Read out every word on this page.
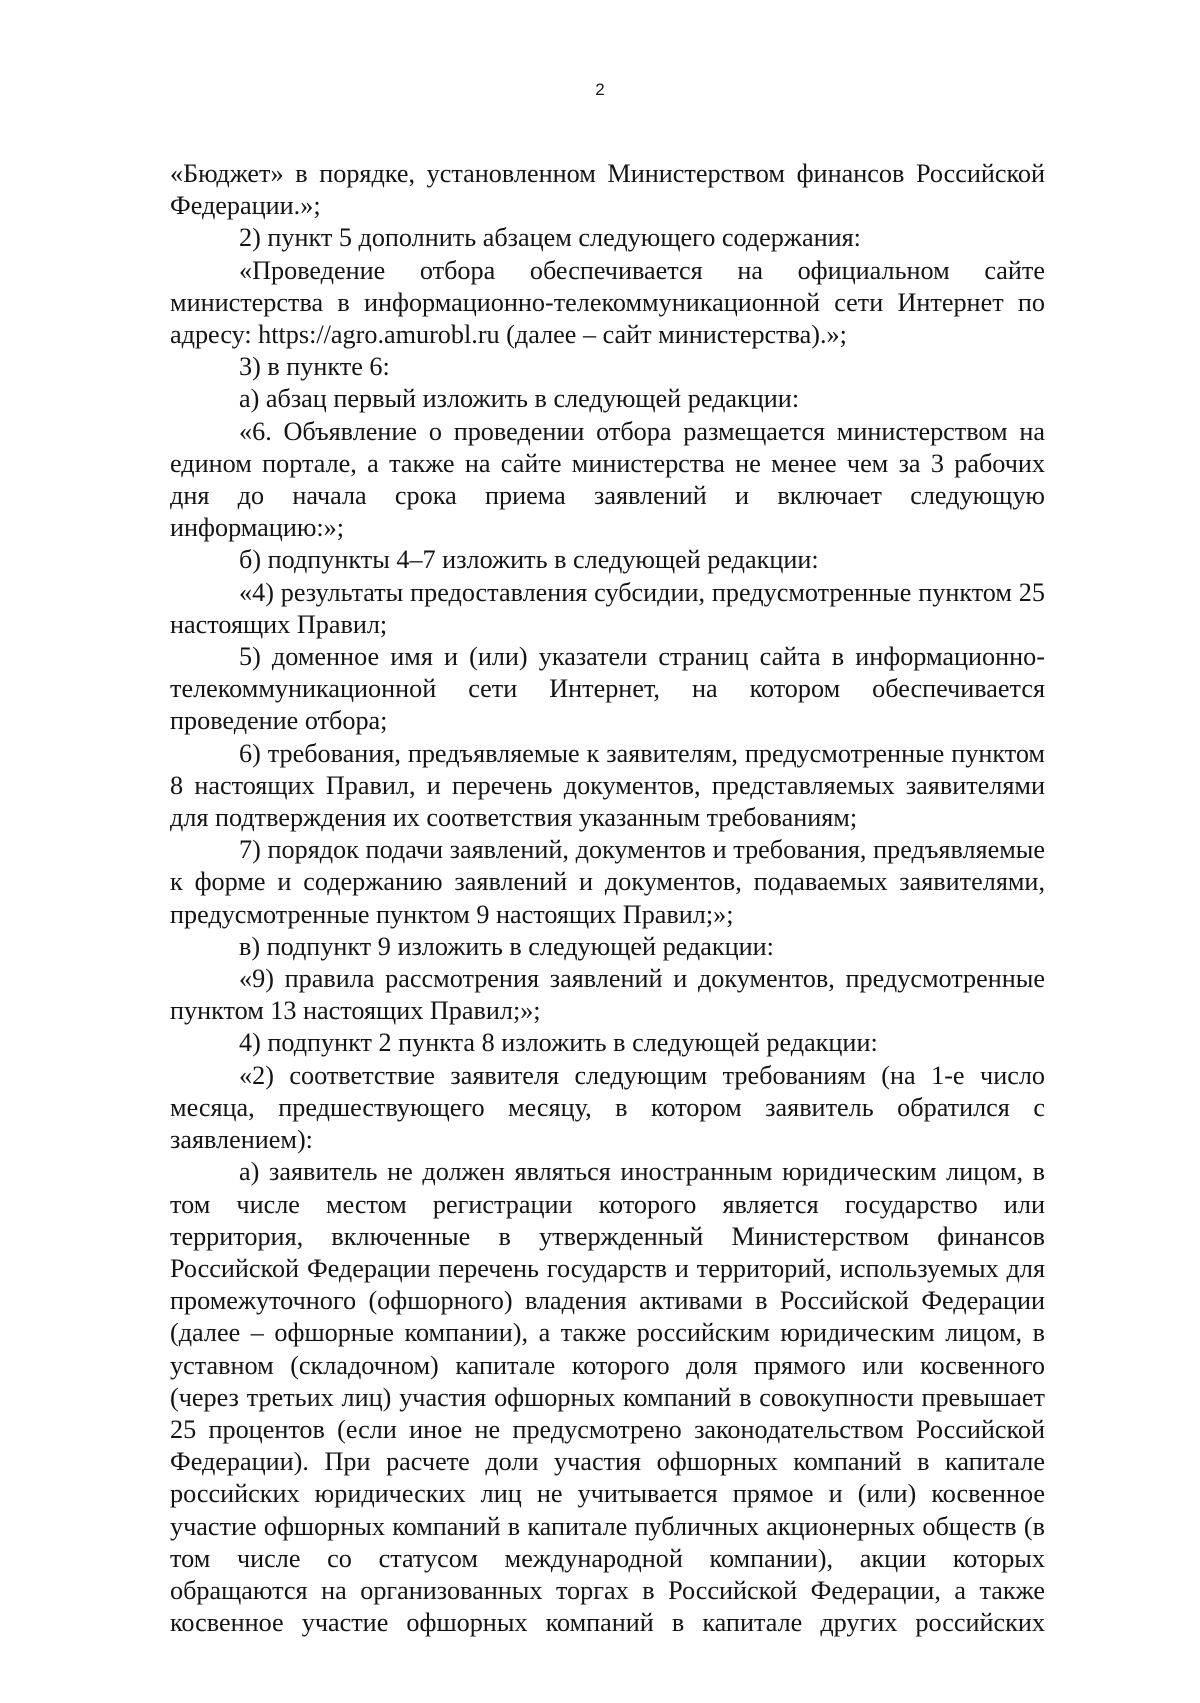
2

«Бюджет» в порядке, установленном Министерством финансов Российской Федерации.»;

2) пункт 5 дополнить абзацем следующего содержания:

«Проведение отбора обеспечивается на официальном сайте министерства в информационно-телекоммуникационной сети Интернет по адресу: https://agro.amurobl.ru (далее – сайт министерства).»;

3) в пункте 6:

а) абзац первый изложить в следующей редакции:

«6. Объявление о проведении отбора размещается министерством на едином портале, а также на сайте министерства не менее чем за 3 рабочих дня до начала срока приема заявлений и включает следующую информацию:»;

б) подпункты 4–7 изложить в следующей редакции:

«4) результаты предоставления субсидии, предусмотренные пунктом 25 настоящих Правил;

5) доменное имя и (или) указатели страниц сайта в информационно-телекоммуникационной сети Интернет, на котором обеспечивается проведение отбора;

6) требования, предъявляемые к заявителям, предусмотренные пунктом 8 настоящих Правил, и перечень документов, представляемых заявителями для подтверждения их соответствия указанным требованиям;

7) порядок подачи заявлений, документов и требования, предъявляемые к форме и содержанию заявлений и документов, подаваемых заявителями, предусмотренные пунктом 9 настоящих Правил;»;

в) подпункт 9 изложить в следующей редакции:

«9) правила рассмотрения заявлений и документов, предусмотренные пунктом 13 настоящих Правил;»;

4) подпункт 2 пункта 8 изложить в следующей редакции:

«2) соответствие заявителя следующим требованиям (на 1-е число месяца, предшествующего месяцу, в котором заявитель обратился с заявлением):

а) заявитель не должен являться иностранным юридическим лицом, в том числе местом регистрации которого является государство или территория, включенные в утвержденный Министерством финансов Российской Федерации перечень государств и территорий, используемых для промежуточного (офшорного) владения активами в Российской Федерации (далее – офшорные компании), а также российским юридическим лицом, в уставном (складочном) капитале которого доля прямого или косвенного (через третьих лиц) участия офшорных компаний в совокупности превышает 25 процентов (если иное не предусмотрено законодательством Российской Федерации). При расчете доли участия офшорных компаний в капитале российских юридических лиц не учитывается прямое и (или) косвенное участие офшорных компаний в капитале публичных акционерных обществ (в том числе со статусом международной компании), акции которых обращаются на организованных торгах в Российской Федерации, а также косвенное участие офшорных компаний в капитале других российских
